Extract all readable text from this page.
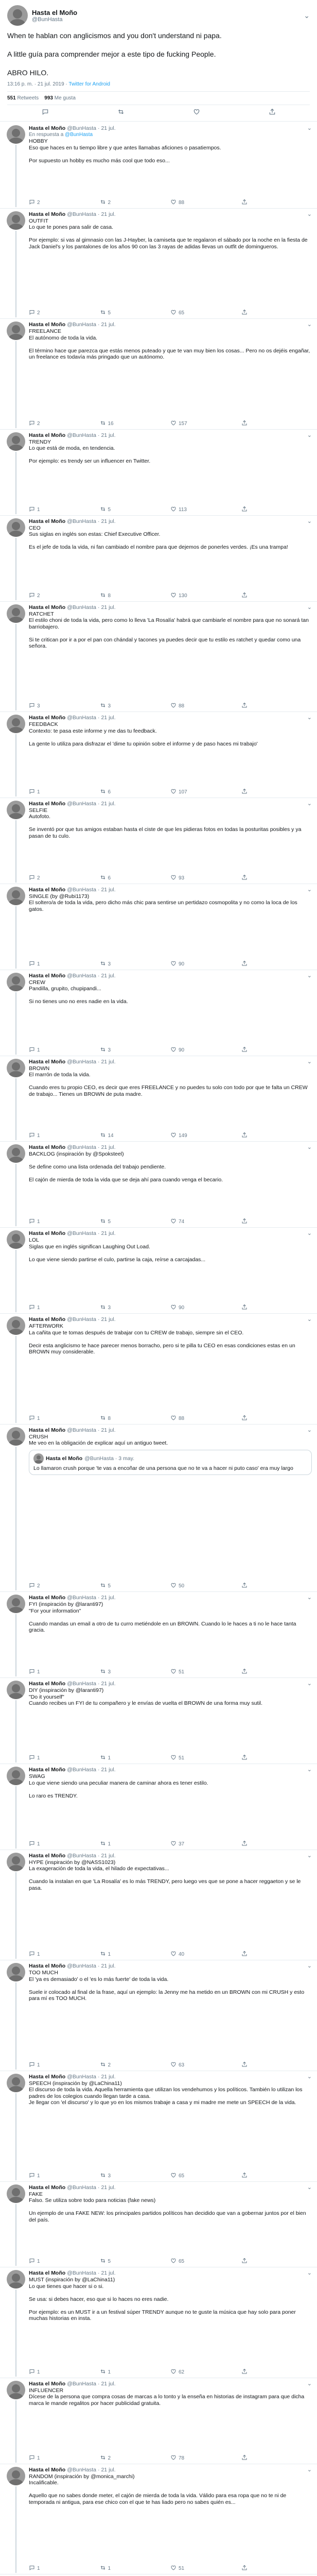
Hasta el Moño
@BunHasta	⌄
When te hablan con anglicismos and you don't understand ni papa.

A little guía para comprender mejor a este tipo de fucking People.

ABRO HILO.
13:16 p. m. · 21 jul. 2019 · Twitter for Android
551 Retweets 993 Me gusta
Hasta el Moño @BunHasta · 21 jul.	⌄
En respuesta a @BunHasta
HOBBY
Eso que haces en tu tiempo libre y que antes llamabas aficiones o pasatiempos.

Por supuesto un hobby es mucho más cool que todo eso...
2	2	88
Hasta el Moño @BunHasta · 21 jul.	⌄
OUTFIT
Lo que te pones para salir de casa.

Por ejemplo: si vas al gimnasio con las J-Hayber, la camiseta que te regalaron el sábado por la noche en la fiesta de Jack Daniel's y los pantalones de los años 90 con las 3 rayas de adidas llevas un outfit de domingueros.
2	5	65
Hasta el Moño @BunHasta · 21 jul.	⌄
FREELANCE
El autónomo de toda la vida.

El término hace que parezca que estás menos puteado y que te van muy bien los cosas... Pero no os dejéis engañar, un freelance es todavía más pringado que un autónomo.
2	16	157
Hasta el Moño @BunHasta · 21 jul.	⌄
TRENDY
Lo que está de moda, en tendencia.

Por ejemplo: es trendy ser un influencer en Twitter.
1	5	113
Hasta el Moño @BunHasta · 21 jul.	⌄
CEO
Sus siglas en inglés son estas: Chief Executive Officer.

Es el jefe de toda la vida, ni fan cambiado el nombre para que dejemos de ponerles verdes. ¡Es una trampa!
2	8	130
Hasta el Moño @BunHasta · 21 jul.	⌄
RATCHET
El estilo choni de toda la vida, pero como lo lleva 'La Rosalía' habrá que cambiarle el nombre para que no sonará tan barriobajero.

Si te critican por ir a por el pan con chándal y tacones ya puedes decir que tu estilo es ratchet y quedar como una señora.
3	3	88
Hasta el Moño @BunHasta · 21 jul.	⌄
FEEDBACK
Contexto: te pasa este informe y me das tu feedback.

La gente lo utiliza para disfrazar el 'dime tu opinión sobre el informe y de paso haces mi trabajo'
1	6	107
Hasta el Moño @BunHasta · 21 jul.	⌄
SELFIE
Autofoto.

Se inventó por que tus amigos estaban hasta el ciste de que les pidieras fotos en todas la posturitas posibles y ya pasan de tu culo.
2	6	93
Hasta el Moño @BunHasta · 21 jul.	⌄
SINGLE (by @Rubi1173)
El soltero/a de toda la vida, pero dicho más chic para sentirse un pertidazo cosmopolita y no como la loca de los gatos.
1	3	90
Hasta el Moño @BunHasta · 21 jul.	⌄
CREW
Pandilla, grupito, chupipandi...

Si no tienes uno no eres nadie en la vida.
1	3	90
Hasta el Moño @BunHasta · 21 jul.	⌄
BROWN
El marrón de toda la vida.

Cuando eres tu propio CEO, es decir que eres FREELANCE y no puedes tu solo con todo por que te falta un CREW de trabajo... Tienes un BROWN de puta madre.
1	14	149
Hasta el Moño @BunHasta · 21 jul.	⌄
BACKLOG (inspiración by @Spoksteel)

Se define como una lista ordenada del trabajo pendiente.

El cajón de mierda de toda la vida que se deja ahí para cuando venga el becario.
1	5	74
Hasta el Moño @BunHasta · 21 jul.	⌄
LOL
Siglas que en inglés significan Laughing Out Load.

Lo que viene siendo partirse el culo, partirse la caja, reírse a carcajadas...
1	3	90
Hasta el Moño @BunHasta · 21 jul.	⌄
AFTERWORK
La cañita que te tomas después de trabajar con tu CREW de trabajo, siempre sin el CEO.

Decir esta anglicismo te hace parecer menos borracho, pero si te pilla tu CEO en esas condiciones estas en un BROWN muy considerable.
1	8	88
Hasta el Moño @BunHasta · 21 jul.	⌄
CRUSH
Me veo en la obligación de explicar aquí un antiguo tweet.
Hasta el Moño @BunHasta · 3 may.
Lo llamaron crush porque 'te vas a encoñar de una persona que no te va a hacer ni puto caso' era muy largo
2	5	50
Hasta el Moño @BunHasta · 21 jul.	⌄
FYI (inspiración by @laranti97)
"For your information"

Cuando mandas un email a otro de tu curro metiéndole en un BROWN. Cuando lo le haces a ti no le hace tanta gracia.
1	3	51
Hasta el Moño @BunHasta · 21 jul.	⌄
DIY (inspiración by @laranti97)
"Do it yourself"
Cuando recibes un FYI de tu compañero y le envías de vuelta el BROWN de una forma muy sutil.
1	1	51
Hasta el Moño @BunHasta · 21 jul.	⌄
SWAG
Lo que viene siendo una peculiar manera de caminar ahora es tener estilo.

Lo raro es TRENDY.
1	1	37
Hasta el Moño @BunHasta · 21 jul.	⌄
HYPE (inspiración by @NASS1023)
La exageración de toda la vida, el hilado de expectativas...

Cuando la instalan en que 'La Rosalía' es lo más TRENDY, pero luego ves que se pone a hacer reggaeton y se le pasa.
1	1	40
Hasta el Moño @BunHasta · 21 jul.	⌄
TOO MUCH
El 'ya es demasiado' o el 'es lo más fuerte' de toda la vida.

Suele ir colocado al final de la frase, aquí un ejemplo: la Jenny me ha metido en un BROWN con mi CRUSH y esto para mí es TOO MUCH.
1	2	63
Hasta el Moño @BunHasta · 21 jul.	⌄
SPEECH (inspiración by @LaChina11)
El discurso de toda la vida. Aquella herramienta que utilizan los vendehumos y los políticos. También lo utilizan los padres de los colegios cuando llegan tarde a casa.
Je llegar con 'el discurso' y lo que yo en los mismos trabaje a casa y mi madre me mete un SPEECH de la vida.
1	3	65
Hasta el Moño @BunHasta · 21 jul.	⌄
FAKE
Falso. Se utiliza sobre todo para noticias (fake news)

Un ejemplo de una FAKE NEW: los principales partidos políticos han decidido que van a gobernar juntos por el bien del país.
1	5	65
Hasta el Moño @BunHasta · 21 jul.	⌄
MUST (inspiración by @LaChina11)
Lo que tienes que hacer si o si.

Se usa: si debes hacer, eso que si lo haces no eres nadie.

Por ejemplo: es un MUST ir a un festival súper TRENDY aunque no te guste la música que hay solo para poner muchas historias en insta.
1	1	62
Hasta el Moño @BunHasta · 21 jul.	⌄
INFLUENCER
Dícese de la persona que compra cosas de marcas a lo tonto y la enseña en historias de instagram para que dicha marca le mande regalitos por hacer publicidad gratuita.
1	2	78
Hasta el Moño @BunHasta · 21 jul.	⌄
RANDOM (inspiración by @monica_marchi)
Incalificable.

Aquello que no sabes donde meter, el cajón de mierda de toda la vida. Válido para esa ropa que no te ni de temporada ni antigua, para ese chico con el que te has liado pero no sabes quién es...
1	1	51
